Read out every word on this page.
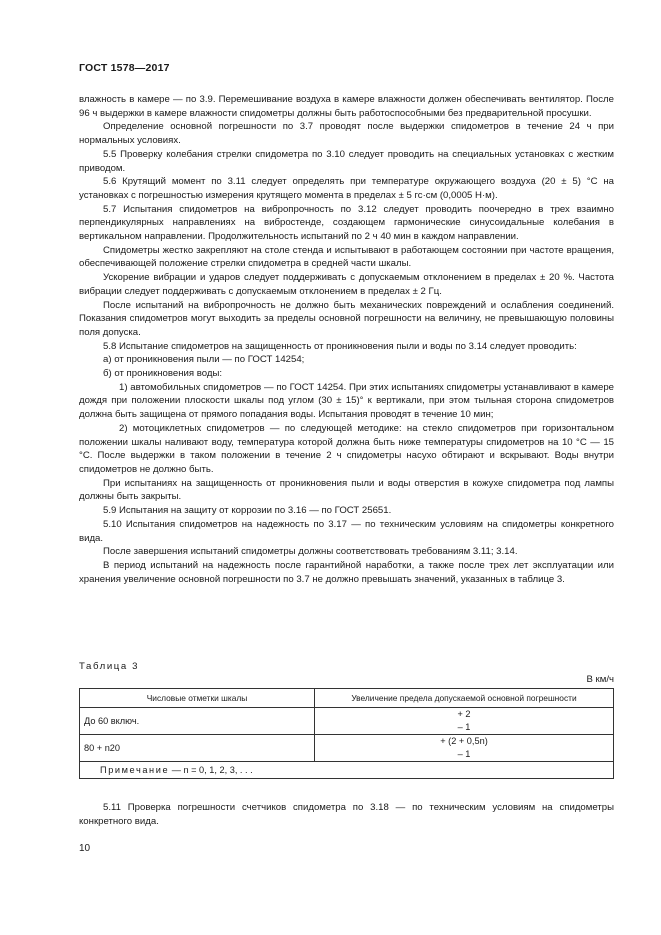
ГОСТ 1578—2017

влажность в камере — по 3.9. Перемешивание воздуха в камере влажности должен обеспечивать вентилятор. После 96 ч выдержки в камере влажности спидометры должны быть работоспособными без предварительной просушки.

Определение основной погрешности по 3.7 проводят после выдержки спидометров в течение 24 ч при нормальных условиях.

5.5 Проверку колебания стрелки спидометра по 3.10 следует проводить на специальных установках с жестким приводом.

5.6 Крутящий момент по 3.11 следует определять при температуре окружающего воздуха (20 ± 5) °С на установках с погрешностью измерения крутящего момента в пределах ± 5 гс·см (0,0005 Н·м).

5.7 Испытания спидометров на вибропрочность по 3.12 следует проводить поочередно в трех взаимно перпендикулярных направлениях на вибростенде, создающем гармонические синусоидальные колебания в вертикальном направлении. Продолжительность испытаний по 2 ч 40 мин в каждом направлении.

Спидометры жестко закрепляют на столе стенда и испытывают в работающем состоянии при частоте вращения, обеспечивающей положение стрелки спидометра в средней части шкалы.

Ускорение вибрации и ударов следует поддерживать с допускаемым отклонением в пределах ± 20 %. Частота вибрации следует поддерживать с допускаемым отклонением в пределах ± 2 Гц.

После испытаний на вибропрочность не должно быть механических повреждений и ослабления соединений. Показания спидометров могут выходить за пределы основной погрешности на величину, не превышающую половины поля допуска.

5.8 Испытание спидометров на защищенность от проникновения пыли и воды по 3.14 следует проводить:

а) от проникновения пыли — по ГОСТ 14254;

б) от проникновения воды:

1) автомобильных спидометров — по ГОСТ 14254. При этих испытаниях спидометры устанавливают в камере дождя при положении плоскости шкалы под углом (30 ± 15)° к вертикали, при этом тыльная сторона спидометров должна быть защищена от прямого попадания воды. Испытания проводят в течение 10 мин;

2) мотоциклетных спидометров — по следующей методике: на стекло спидометров при горизонтальном положении шкалы наливают воду, температура которой должна быть ниже температуры спидометров на 10 °С — 15 °С. После выдержки в таком положении в течение 2 ч спидометры насухо обтирают и вскрывают. Воды внутри спидометров не должно быть.

При испытаниях на защищенность от проникновения пыли и воды отверстия в кожухе спидометра под лампы должны быть закрыты.

5.9 Испытания на защиту от коррозии по 3.16 — по ГОСТ 25651.

5.10 Испытания спидометров на надежность по 3.17 — по техническим условиям на спидометры конкретного вида.

После завершения испытаний спидометры должны соответствовать требованиям 3.11; 3.14.

В период испытаний на надежность после гарантийной наработки, а также после трех лет эксплуатации или хранения увеличение основной погрешности по 3.7 не должно превышать значений, указанных в таблице 3.

Таблица 3
В км/ч
Числовые отметки шкалы	Увеличение предела допускаемой основной погрешности
До 60 включ.	+ 2
– 1

80 + n20	+ (2 + 0,5n)
– 1

Примечание — n = 0, 1, 2, 3, . . .	

5.11 Проверка погрешности счетчиков спидометра по 3.18 — по техническим условиям на спидометры конкретного вида.

10
